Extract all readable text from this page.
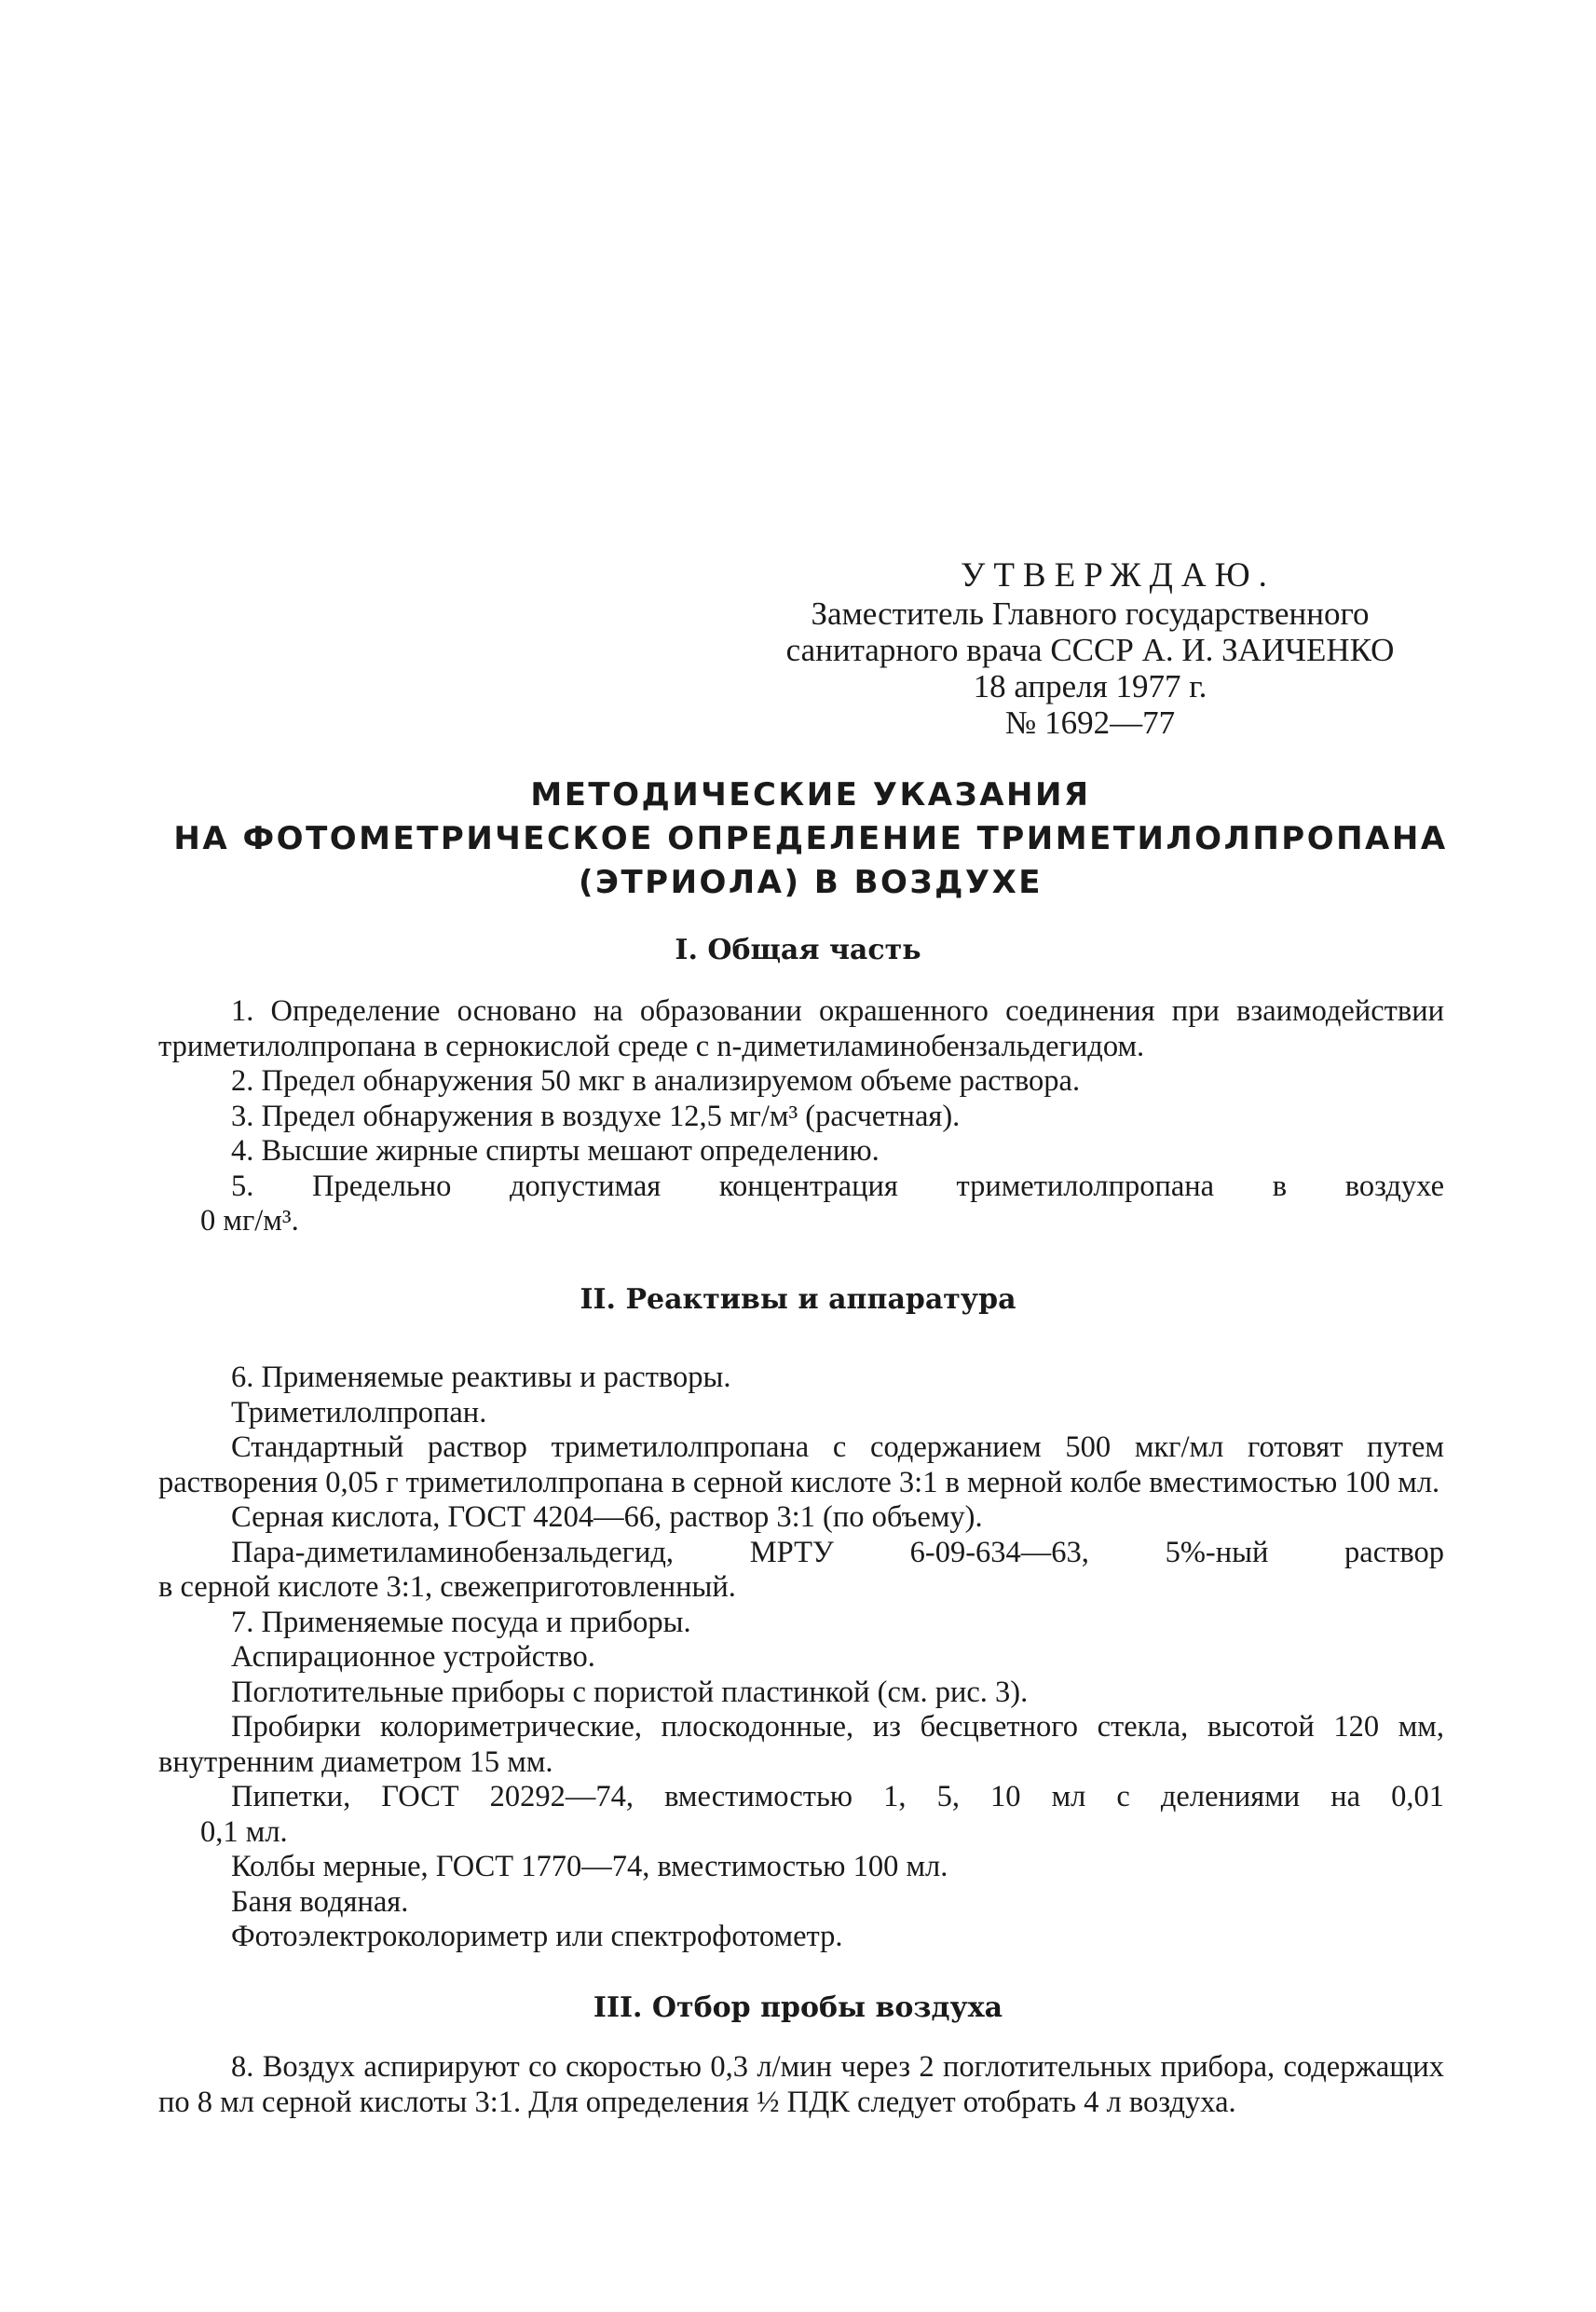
УТВЕРЖДАЮ.
Заместитель Главного государственного
санитарного врача СССР А. И. ЗАИЧЕНКО
18 апреля 1977 г.
№ 1692—77
МЕТОДИЧЕСКИЕ УКАЗАНИЯ
НА ФОТОМЕТРИЧЕСКОЕ ОПРЕДЕЛЕНИЕ ТРИМЕТИЛОЛПРОПАНА
(ЭТРИОЛА) В ВОЗДУХЕ
I. Общая часть

1. Определение основано на образовании окрашенного соединения при взаимодействии триметилолпропана в сернокислой среде с n-диметиламинобензальдегидом.

2. Предел обнаружения 50 мкг в анализируемом объеме раствора.

3. Предел обнаружения в воздухе 12,5 мг/м³ (расчетная).

4. Высшие жирные спирты мешают определению.

5. Предельно допустимая концентрация триметилолпропана в воздухе

0 мг/м³.

II. Реактивы и аппаратура

6. Применяемые реактивы и растворы.

Триметилолпропан.

Стандартный раствор триметилолпропана с содержанием 500 мкг/мл готовят путем растворения 0,05 г триметилолпропана в серной кислоте 3:1 в мерной колбе вместимостью 100 мл.

Серная кислота, ГОСТ 4204—66, раствор 3:1 (по объему).

Пара-диметиламинобензальдегид, МРТУ 6-09-634—63, 5%-ный раствор

в серной кислоте 3:1, свежеприготовленный.

7. Применяемые посуда и приборы.

Аспирационное устройство.

Поглотительные приборы с пористой пластинкой (см. рис. 3).

Пробирки колориметрические, плоскодонные, из бесцветного стекла, высотой 120 мм, внутренним диаметром 15 мм.

Пипетки, ГОСТ 20292—74, вместимостью 1, 5, 10 мл с делениями на 0,01

0,1 мл.

Колбы мерные, ГОСТ 1770—74, вместимостью 100 мл.

Баня водяная.

Фотоэлектроколориметр или спектрофотометр.

III. Отбор пробы воздуха

8. Воздух аспирируют со скоростью 0,3 л/мин через 2 поглотительных прибора, содержащих по 8 мл серной кислоты 3:1. Для определения ½ ПДК следует отобрать 4 л воздуха.
